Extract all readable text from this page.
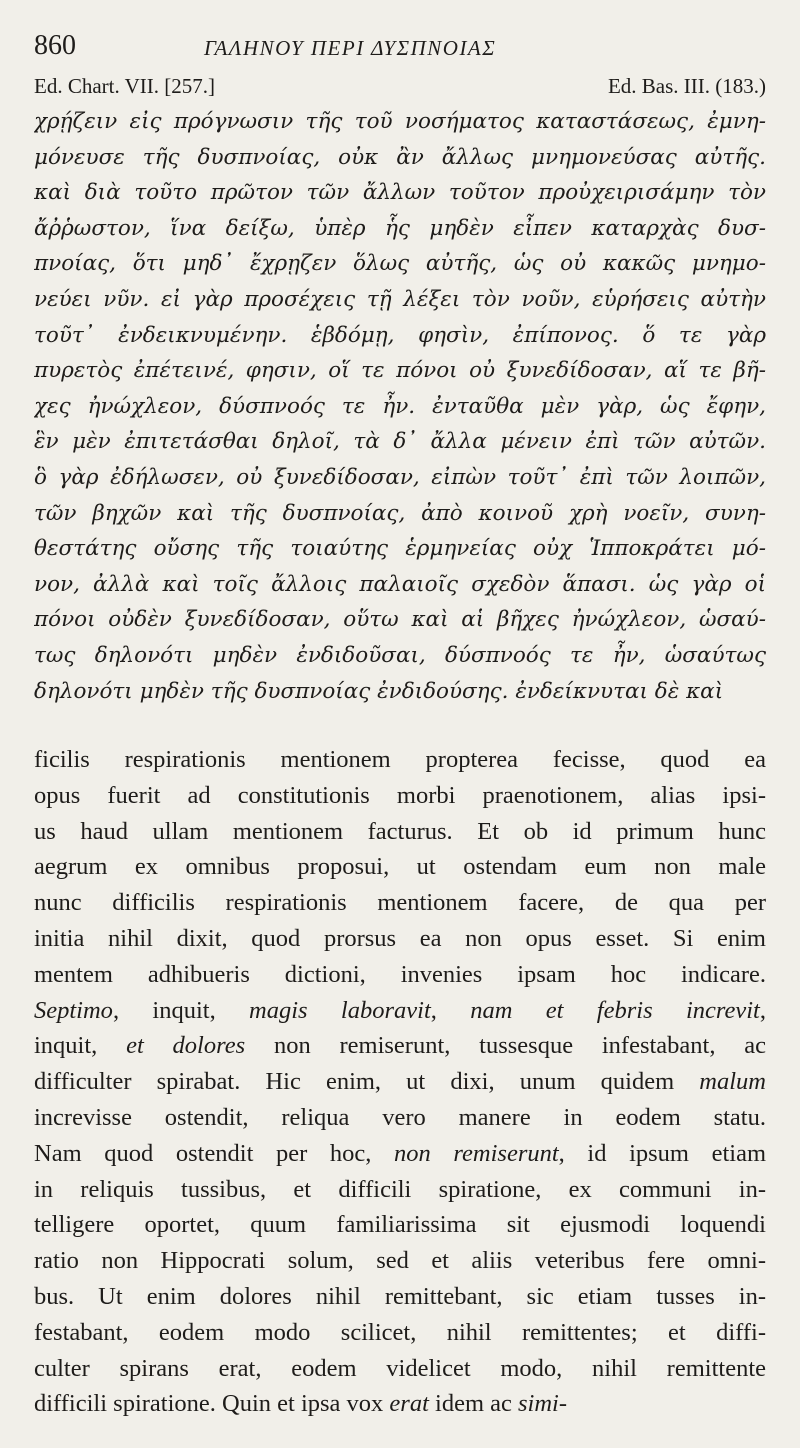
860	ΓΑΛΗΝΟΥ ΠΕΡΙ ΔΥΣΠΝΟΙΑΣ
Ed. Chart. VII. [257.]	Ed. Bas. III. (183.)
χρῄζειν εἰς πρόγνωσιν τῆς τοῦ νοσήματος καταστάσεως, ἐμνη-
μόνευσε τῆς δυσπνοίας, οὐκ ἂν ἄλλως μνημονεύσας αὐτῆς.
καὶ διὰ τοῦτο πρῶτον τῶν ἄλλων τοῦτον προὐχειρισάμην τὸν
ἄῤῥωστον, ἵνα δείξω, ὑπὲρ ἧς μηδὲν εἶπεν καταρχὰς δυσ-
πνοίας, ὅτι μηδ᾽ ἔχρῃζεν ὅλως αὐτῆς, ὡς οὐ κακῶς μνημο-
νεύει νῦν. εἰ γὰρ προσέχεις τῇ λέξει τὸν νοῦν, εὑρήσεις αὐτὴν
τοῦτ᾽ ἐνδεικνυμένην. ἑβδόμῃ, φησὶν, ἐπίπονος. ὅ τε γὰρ
πυρετὸς ἐπέτεινέ, φησιν, οἵ τε πόνοι οὐ ξυνεδίδοσαν, αἵ τε βῆ-
χες ἠνώχλεον, δύσπνοός τε ἦν. ἐνταῦθα μὲν γὰρ, ὡς ἔφην,
ἓν μὲν ἐπιτετάσθαι δηλοῖ, τὰ δ᾽ ἄλλα μένειν ἐπὶ τῶν αὐτῶν.
ὃ γὰρ ἐδήλωσεν, οὐ ξυνεδίδοσαν, εἰπὼν τοῦτ᾽ ἐπὶ τῶν λοιπῶν,
τῶν βηχῶν καὶ τῆς δυσπνοίας, ἀπὸ κοινοῦ χρὴ νοεῖν, συνη-
θεστάτης οὔσης τῆς τοιαύτης ἑρμηνείας οὐχ Ἱπποκράτει μό-
νον, ἀλλὰ καὶ τοῖς ἄλλοις παλαιοῖς σχεδὸν ἅπασι. ὡς γὰρ οἱ
πόνοι οὐδὲν ξυνεδίδοσαν, οὕτω καὶ αἱ βῆχες ἠνώχλεον, ὡσαύ-
τως δηλονότι μηδὲν ἐνδιδοῦσαι, δύσπνοός τε ἦν, ὡσαύτως
δηλονότι μηδὲν τῆς δυσπνοίας ἐνδιδούσης. ἐνδείκνυται δὲ καὶ
ficilis respirationis mentionem propterea fecisse, quod ea
opus fuerit ad constitutionis morbi praenotionem, alias ipsi-
us haud ullam mentionem facturus. Et ob id primum hunc
aegrum ex omnibus proposui, ut ostendam eum non male
nunc difficilis respirationis mentionem facere, de qua per
initia nihil dixit, quod prorsus ea non opus esset. Si enim
mentem adhibueris dictioni, invenies ipsam hoc indicare.
Septimo, inquit, magis laboravit, nam et febris increvit,
inquit, et dolores non remiserunt, tussesque infestabant, ac
difficulter spirabat. Hic enim, ut dixi, unum quidem malum
increvisse ostendit, reliqua vero manere in eodem statu.
Nam quod ostendit per hoc, non remiserunt, id ipsum etiam
in reliquis tussibus, et difficili spiratione, ex communi in-
telligere oportet, quum familiarissima sit ejusmodi loquendi
ratio non Hippocrati solum, sed et aliis veteribus fere omni-
bus. Ut enim dolores nihil remittebant, sic etiam tusses in-
festabant, eodem modo scilicet, nihil remittentes; et diffi-
culter spirans erat, eodem videlicet modo, nihil remittente
difficili spiratione. Quin et ipsa vox erat idem ac simi-
